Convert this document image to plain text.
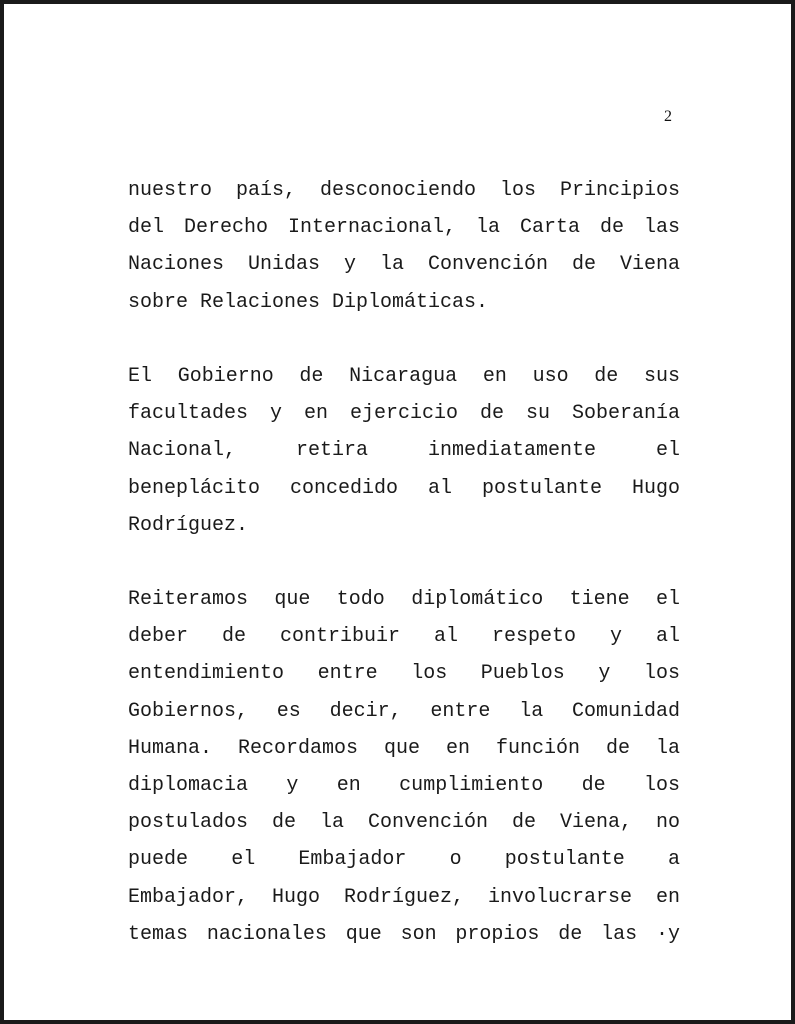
2
nuestro país, desconociendo los Principios
del Derecho Internacional, la Carta de las
Naciones Unidas y la Convención de Viena
sobre Relaciones Diplomáticas.
El Gobierno de Nicaragua en uso de sus
facultades y en ejercicio de su Soberanía
Nacional, retira inmediatamente el
beneplácito concedido al postulante Hugo
Rodríguez.
Reiteramos que todo diplomático tiene el
deber de contribuir al respeto y al
entendimiento entre los Pueblos y los
Gobiernos, es decir, entre la Comunidad
Humana. Recordamos que en función de la
diplomacia y en cumplimiento de los
postulados de la Convención de Viena, no
puede el Embajador o postulante a
Embajador, Hugo Rodríguez, involucrarse en
temas nacionales que son propios de las ·y
